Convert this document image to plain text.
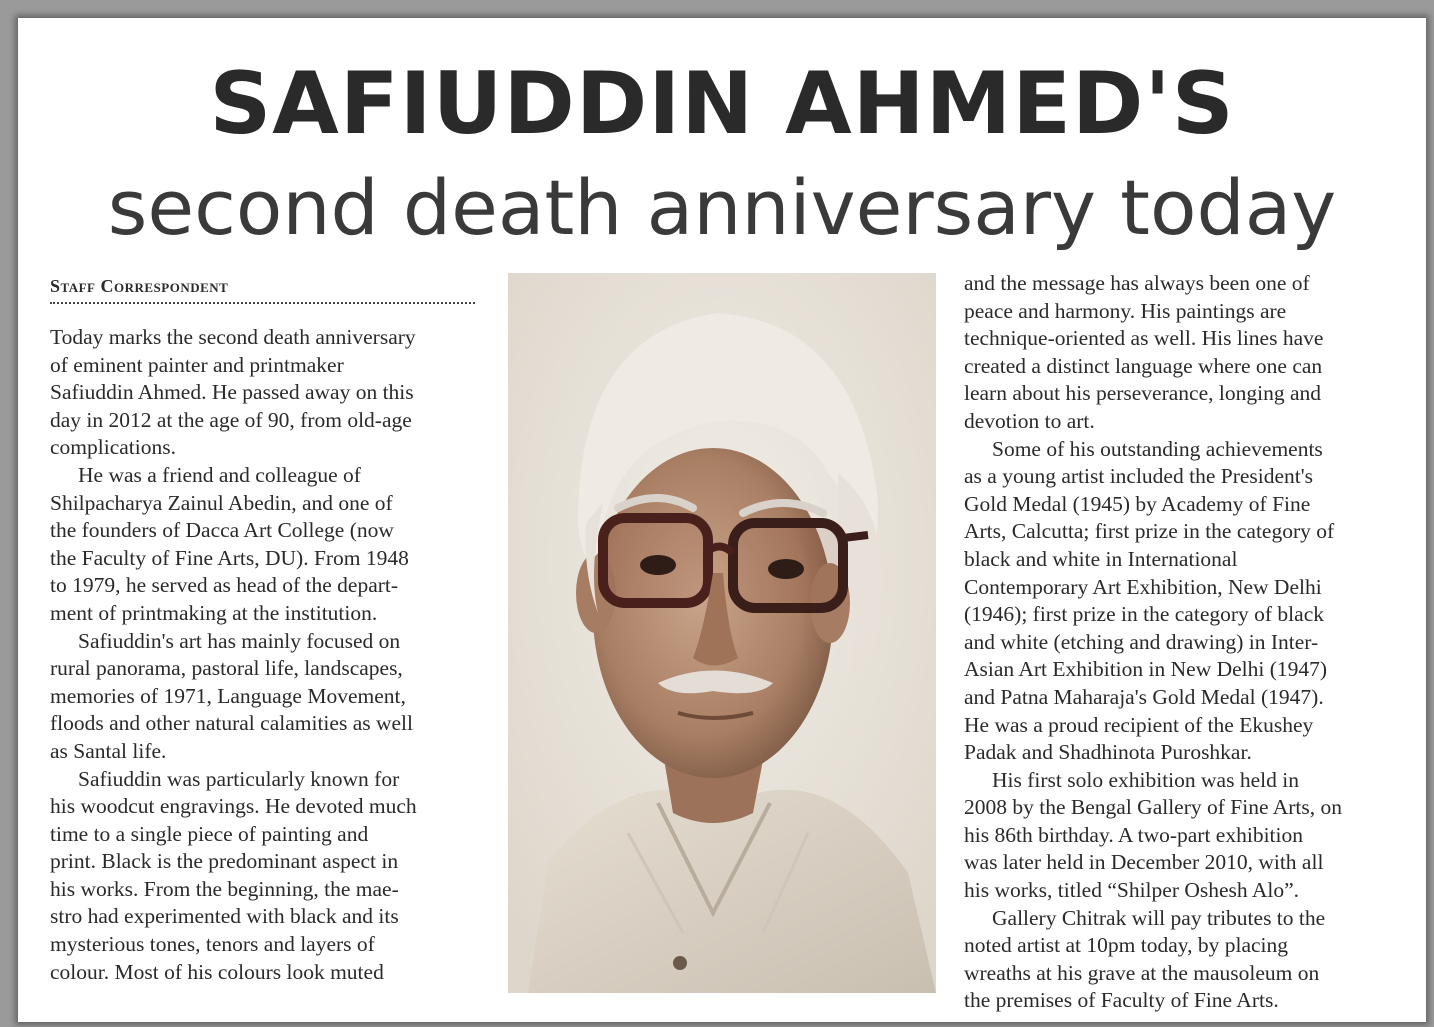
SAFIUDDIN AHMED'S
second death anniversary today
Staff Correspondent

Today marks the second death anniversary
of eminent painter and printmaker
Safiuddin Ahmed. He passed away on this
day in 2012 at the age of 90, from old-age
complications.

He was a friend and colleague of
Shilpacharya Zainul Abedin, and one of
the founders of Dacca Art College (now
the Faculty of Fine Arts, DU). From 1948
to 1979, he served as head of the depart-
ment of printmaking at the institution.

Safiuddin's art has mainly focused on
rural panorama, pastoral life, landscapes,
memories of 1971, Language Movement,
floods and other natural calamities as well
as Santal life.

Safiuddin was particularly known for
his woodcut engravings. He devoted much
time to a single piece of painting and
print. Black is the predominant aspect in
his works. From the beginning, the mae-
stro had experimented with black and its
mysterious tones, tenors and layers of
colour. Most of his colours look muted

and the message has always been one of
peace and harmony. His paintings are
technique-oriented as well. His lines have
created a distinct language where one can
learn about his perseverance, longing and
devotion to art.

Some of his outstanding achievements
as a young artist included the President's
Gold Medal (1945) by Academy of Fine
Arts, Calcutta; first prize in the category of
black and white in International
Contemporary Art Exhibition, New Delhi
(1946); first prize in the category of black
and white (etching and drawing) in Inter-
Asian Art Exhibition in New Delhi (1947)
and Patna Maharaja's Gold Medal (1947).
He was a proud recipient of the Ekushey
Padak and Shadhinota Puroshkar.

His first solo exhibition was held in
2008 by the Bengal Gallery of Fine Arts, on
his 86th birthday. A two-part exhibition
was later held in December 2010, with all
his works, titled “Shilper Oshesh Alo”.

Gallery Chitrak will pay tributes to the
noted artist at 10pm today, by placing
wreaths at his grave at the mausoleum on
the premises of Faculty of Fine Arts.
